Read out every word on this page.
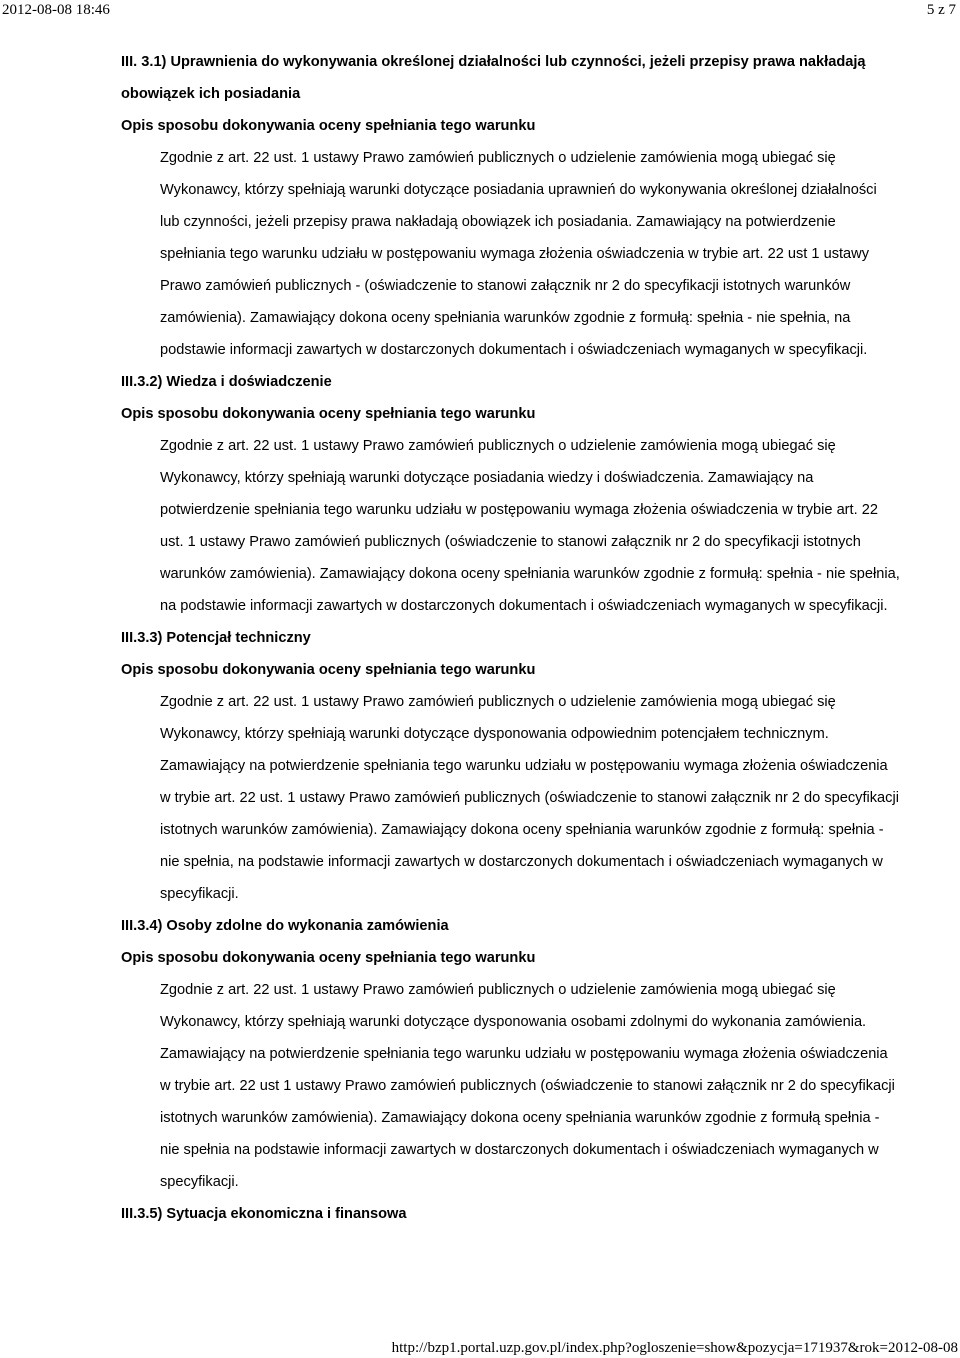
2012-08-08 18:46	5 z 7

III. 3.1) Uprawnienia do wykonywania określonej działalności lub czynności, jeżeli przepisy prawa nakładają obowiązek ich posiadania

Opis sposobu dokonywania oceny spełniania tego warunku

Zgodnie z art. 22 ust. 1 ustawy Prawo zamówień publicznych o udzielenie zamówienia mogą ubiegać się Wykonawcy, którzy spełniają warunki dotyczące posiadania uprawnień do wykonywania określonej działalności lub czynności, jeżeli przepisy prawa nakładają obowiązek ich posiadania. Zamawiający na potwierdzenie spełniania tego warunku udziału w postępowaniu wymaga złożenia oświadczenia w trybie art. 22 ust 1 ustawy Prawo zamówień publicznych - (oświadczenie to stanowi załącznik nr 2 do specyfikacji istotnych warunków zamówienia). Zamawiający dokona oceny spełniania warunków zgodnie z formułą: spełnia - nie spełnia, na podstawie informacji zawartych w dostarczonych dokumentach i oświadczeniach wymaganych w specyfikacji.

III.3.2) Wiedza i doświadczenie

Opis sposobu dokonywania oceny spełniania tego warunku

Zgodnie z art. 22 ust. 1 ustawy Prawo zamówień publicznych o udzielenie zamówienia mogą ubiegać się Wykonawcy, którzy spełniają warunki dotyczące posiadania wiedzy i doświadczenia. Zamawiający na potwierdzenie spełniania tego warunku udziału w postępowaniu wymaga złożenia oświadczenia w trybie art. 22 ust. 1 ustawy Prawo zamówień publicznych (oświadczenie to stanowi załącznik nr 2 do specyfikacji istotnych warunków zamówienia). Zamawiający dokona oceny spełniania warunków zgodnie z formułą: spełnia - nie spełnia, na podstawie informacji zawartych w dostarczonych dokumentach i oświadczeniach wymaganych w specyfikacji.

III.3.3) Potencjał techniczny

Opis sposobu dokonywania oceny spełniania tego warunku

Zgodnie z art. 22 ust. 1 ustawy Prawo zamówień publicznych o udzielenie zamówienia mogą ubiegać się Wykonawcy, którzy spełniają warunki dotyczące dysponowania odpowiednim potencjałem technicznym. Zamawiający na potwierdzenie spełniania tego warunku udziału w postępowaniu wymaga złożenia oświadczenia w trybie art. 22 ust. 1 ustawy Prawo zamówień publicznych (oświadczenie to stanowi załącznik nr 2 do specyfikacji istotnych warunków zamówienia). Zamawiający dokona oceny spełniania warunków zgodnie z formułą: spełnia - nie spełnia, na podstawie informacji zawartych w dostarczonych dokumentach i oświadczeniach wymaganych w specyfikacji.

III.3.4) Osoby zdolne do wykonania zamówienia

Opis sposobu dokonywania oceny spełniania tego warunku

Zgodnie z art. 22 ust. 1 ustawy Prawo zamówień publicznych o udzielenie zamówienia mogą ubiegać się Wykonawcy, którzy spełniają warunki dotyczące dysponowania osobami zdolnymi do wykonania zamówienia. Zamawiający na potwierdzenie spełniania tego warunku udziału w postępowaniu wymaga złożenia oświadczenia w trybie art. 22 ust 1 ustawy Prawo zamówień publicznych (oświadczenie to stanowi załącznik nr 2 do specyfikacji istotnych warunków zamówienia). Zamawiający dokona oceny spełniania warunków zgodnie z formułą spełnia - nie spełnia na podstawie informacji zawartych w dostarczonych dokumentach i oświadczeniach wymaganych w specyfikacji.

III.3.5) Sytuacja ekonomiczna i finansowa

http://bzp1.portal.uzp.gov.pl/index.php?ogloszenie=show&pozycja=171937&rok=2012-08-08
